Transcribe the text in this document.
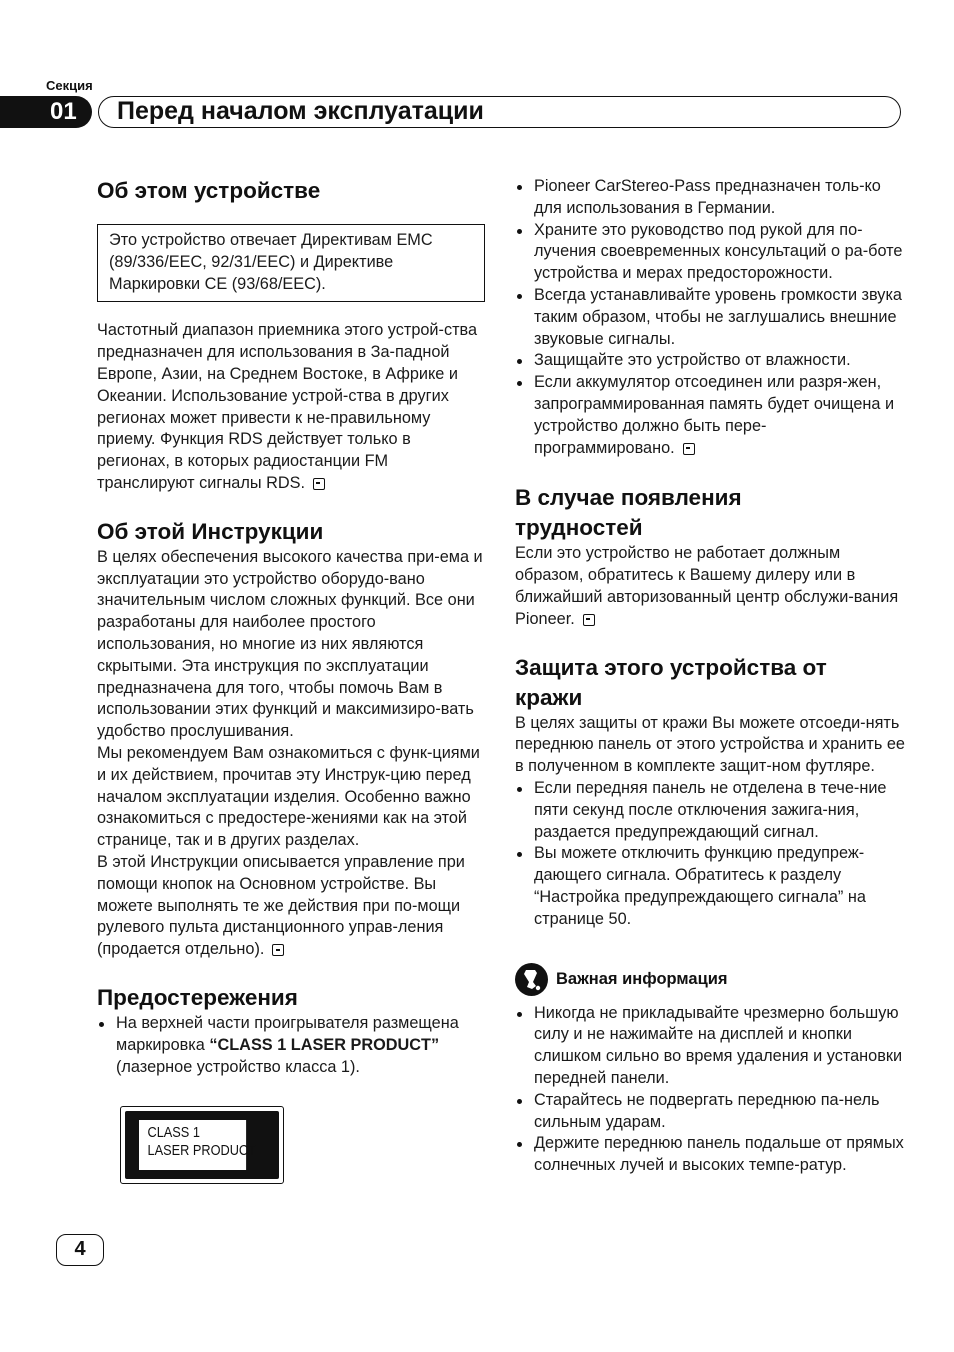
Секция
01	Перед началом эксплуатации
Об этом устройстве

Это устройство отвечает Директивам EMC (89/336/EEC, 92/31/EEC) и Директиве Маркировки CE (93/68/EEC).

Частотный диапазон приемника этого устрой-ства предназначен для использования в За-падной Европе, Азии, на Среднем Востоке, в Африке и Океании. Использование устрой-ства в других регионах может привести к не-правильному приему. Функция RDS действует только в регионах, в которых радиостанции FM транслируют сигналы RDS.

Об этой Инструкции

В целях обеспечения высокого качества при-ема и эксплуатации это устройство оборудо-вано значительным числом сложных функций. Все они разработаны для наиболее простого использования, но многие из них являются скрытыми. Эта инструкция по эксплуатации предназначена для того, чтобы помочь Вам в использовании этих функций и максимизиро-вать удобство прослушивания.

Мы рекомендуем Вам ознакомиться с функ-циями и их действием, прочитав эту Инструк-цию перед началом эксплуатации изделия. Особенно важно ознакомиться с предостере-жениями как на этой странице, так и в других разделах.

В этой Инструкции описывается управление при помощи кнопок на Основном устройстве. Вы можете выполнять те же действия при по-мощи рулевого пульта дистанционного управ-ления (продается отдельно).

Предостережения
На верхней части проигрывателя размещена маркировка “CLASS 1 LASER PRODUCT” (лазерное устройство класса 1).
CLASS 1
LASER PRODUCT
Pioneer CarStereo-Pass предназначен толь-ко для использования в Германии.
Храните это руководство под рукой для по-лучения своевременных консультаций о ра-боте устройства и мерах предосторожности.
Всегда устанавливайте уровень громкости звука таким образом, чтобы не заглушались внешние звуковые сигналы.
Защищайте это устройство от влажности.
Если аккумулятор отсоединен или разря-жен, запрограммированная память будет очищена и устройство должно быть пере-программировано.
В случае появления
трудностей

Если это устройство не работает должным образом, обратитесь к Вашему дилеру или в ближайший авторизованный центр обслужи-вания Pioneer.

Защита этого устройства от
кражи

В целях защиты от кражи Вы можете отсоеди-нять переднюю панель от этого устройства и хранить ее в полученном в комплекте защит-ном футляре.

Если передняя панель не отделена в тече-ние пяти секунд после отключения зажига-ния, раздается предупреждающий сигнал.
Вы можете отключить функцию предупреж-дающего сигнала. Обратитесь к разделу “Настройка предупреждающего сигнала” на странице 50.
Важная информация
Никогда не прикладывайте чрезмерно большую силу и не нажимайте на дисплей и кнопки слишком сильно во время удаления и установки передней панели.
Старайтесь не подвергать переднюю па-нель сильным ударам.
Держите переднюю панель подальше от прямых солнечных лучей и высоких темпе-ратур.
4
